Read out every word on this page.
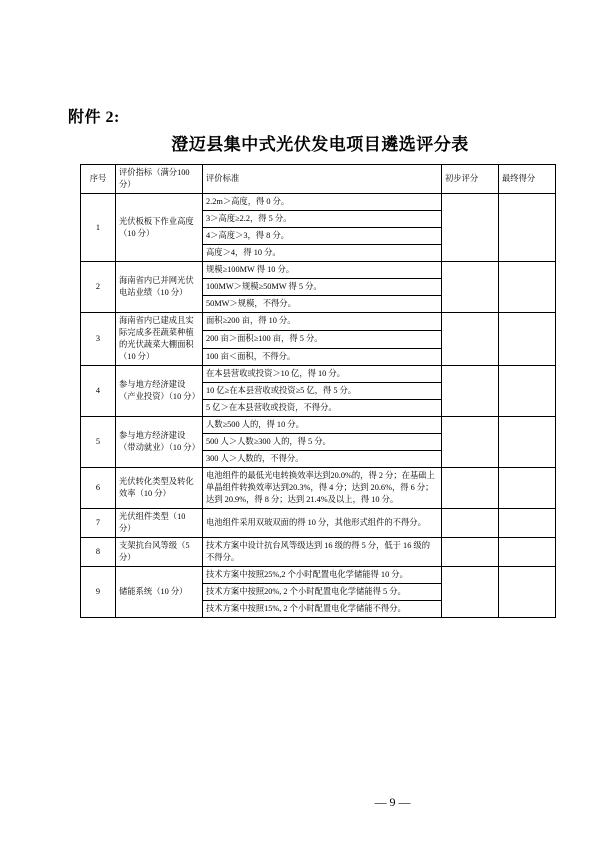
附件 2:
澄迈县集中式光伏发电项目遴选评分表
序号	评价指标（满分100 分）	评价标准	初步评分	最终得分
1	光伏板板下作业高度（10 分）	2.2m＞高度，得 0 分。		
		3＞高度≥2.2，得 5 分。		
		4＞高度＞3，得 8 分。		
		高度＞4，得 10 分。		
2	海南省内已并网光伏电站业绩（10 分）	规模≥100MW 得 10 分。		
		100MW＞规模≥50MW 得 5 分。		
		50MW＞规模，不得分。		
3	海南省内已建成且实际完成多茬蔬菜种植的光伏蔬菜大棚面积（10 分）	面积≥200 亩，得 10 分。		
		200 亩＞面积≥100 亩，得 5 分。		
		100 亩＜面积，不得分。		
4	参与地方经济建设（产业投资）（10 分）	在本县营收或投资＞10 亿，得 10 分。		
		10 亿≥在本县营收或投资≥5 亿，得 5 分。		
		5 亿＞在本县营收或投资，不得分。		
5	参与地方经济建设（带动就业）（10 分）	人数≥500 人的，得 10 分。		
		500 人＞人数≥300 人的，得 5 分。		
		300 人＞人数的，不得分。		
6	光伏转化类型及转化效率（10 分）	电池组件的最低光电转换效率达到20.0%的，得 2 分；在基础上单晶组件转换效率达到20.3%，得 4 分；达到 20.6%，得 6 分；达到 20.9%，得 8 分；达到 21.4%及以上，得 10 分。		
7	光伏组件类型（10 分）	电池组件采用双玻双面的得 10 分，其他形式组件的不得分。		
8	支架抗台风等级（5 分）	技术方案中设计抗台风等级达到 16 级的得 5 分，低于 16 级的不得分。		
9	储能系统（10 分）	技术方案中按照25%,2 个小时配置电化学储能得 10 分。		
		技术方案中按照20%, 2 个小时配置电化学储能得 5 分。		
		技术方案中按照15%, 2 个小时配置电化学储能不得分。		
— 9 —
